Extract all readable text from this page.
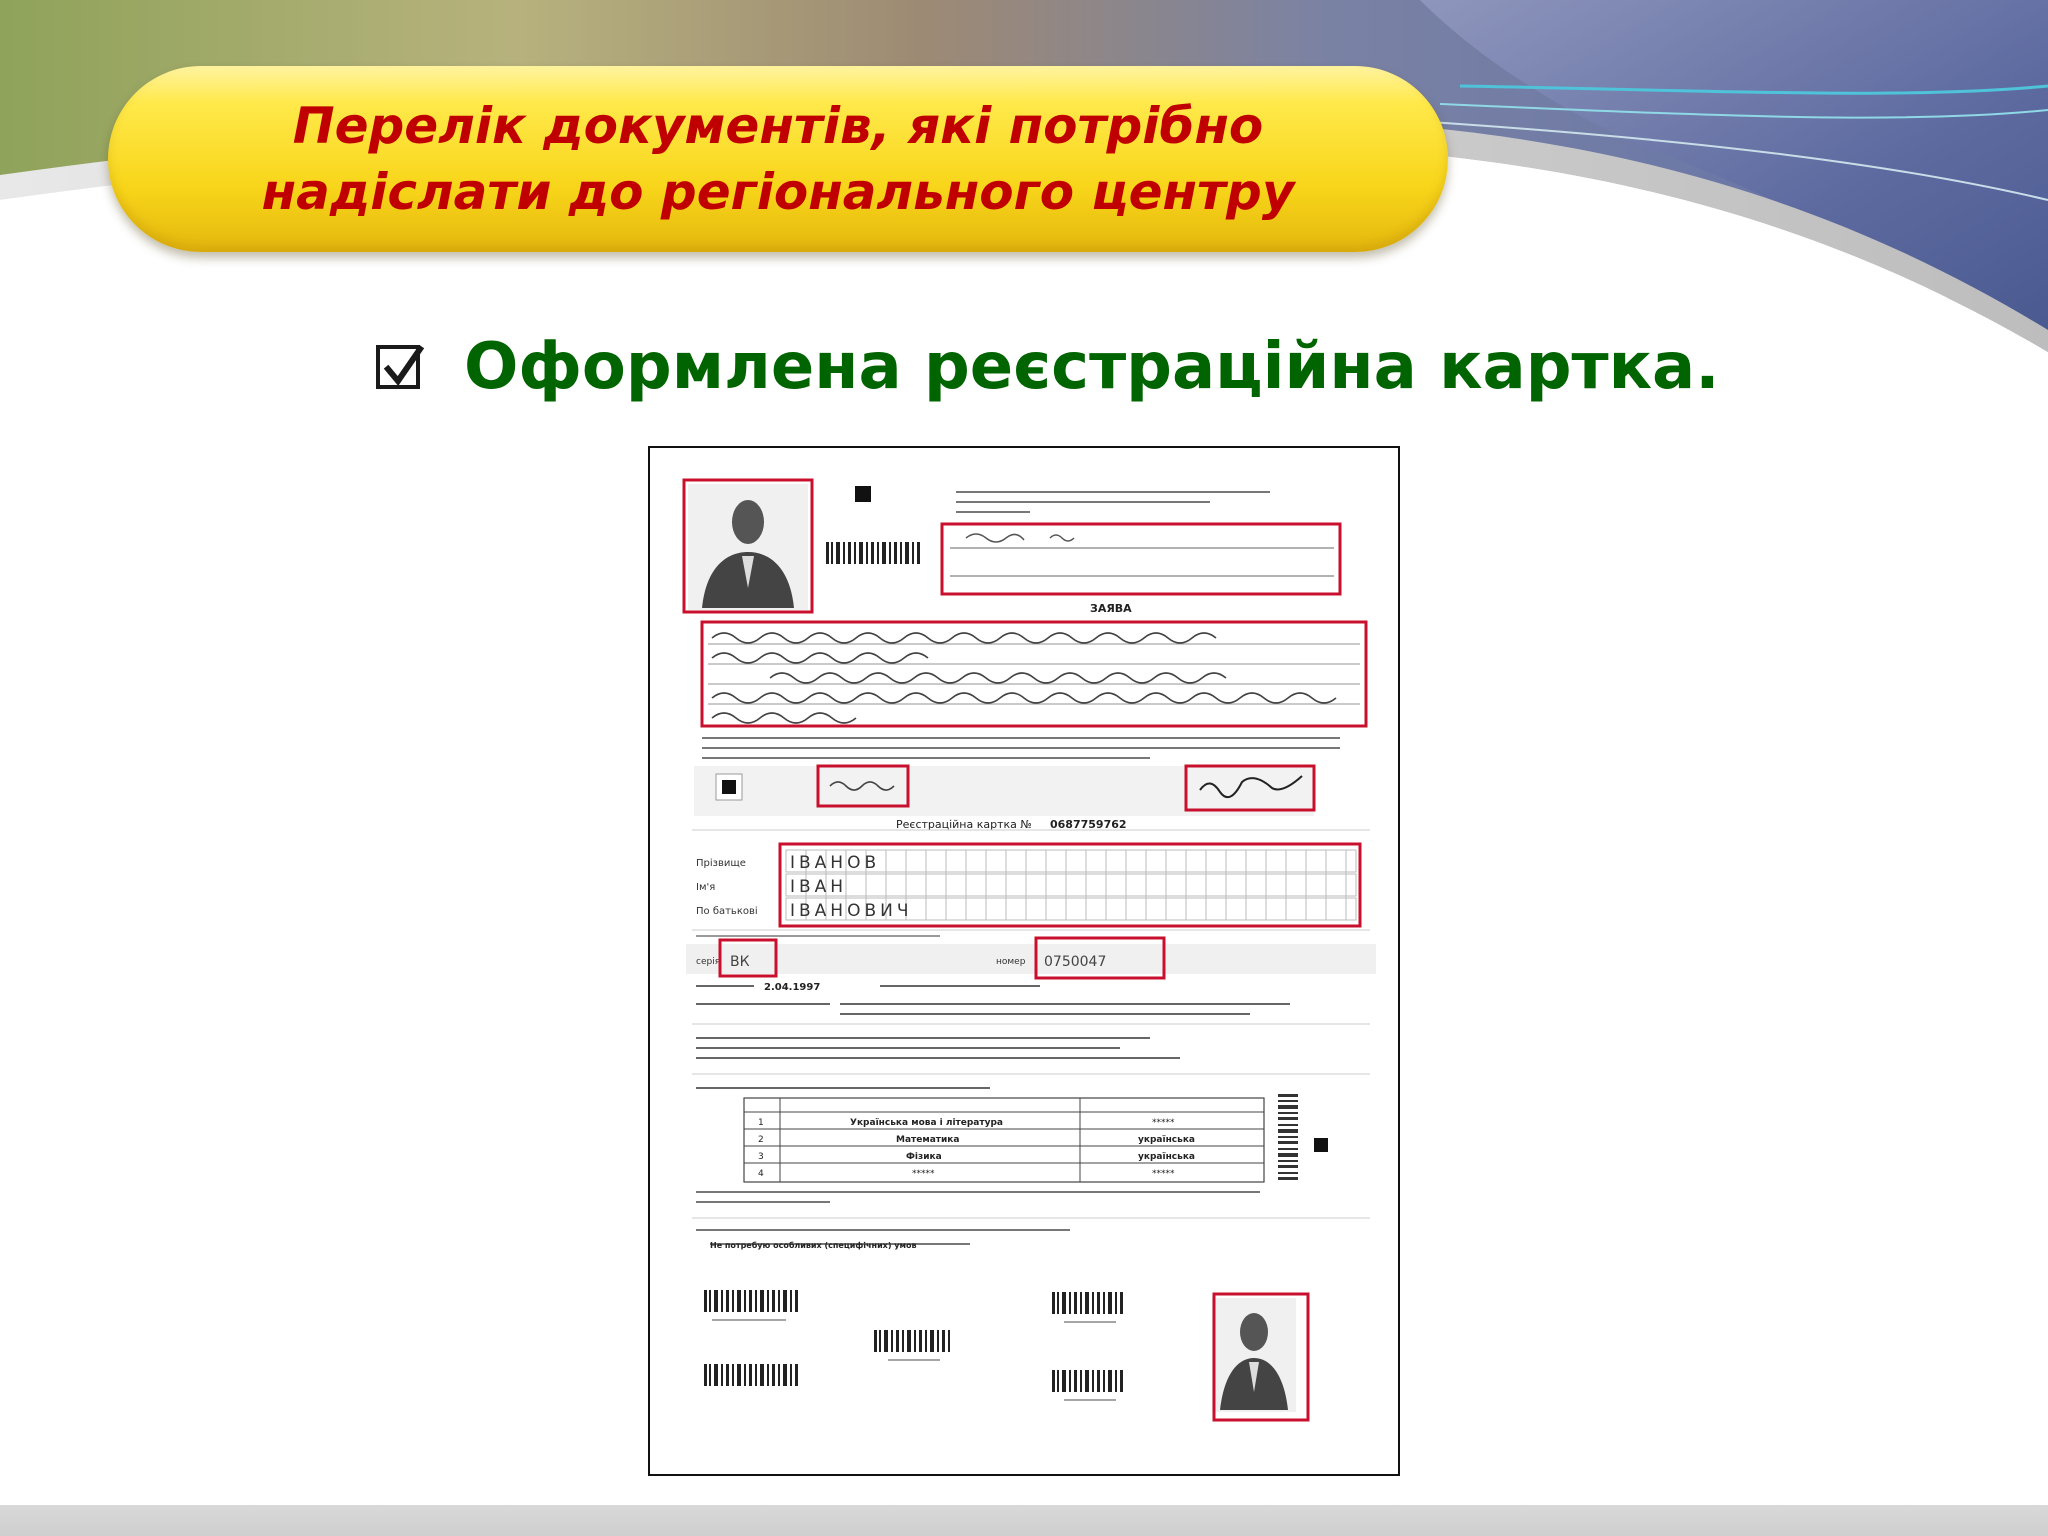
Перелік документів, які потрібно
надіслати до регіонального центру
Оформлена реєстраційна картка.
ЗАЯВА
Реєстраційна картка № 0687759762
Прізвище
Ім'я
По батькові
ІВАНОВ
ІВАН
ІВАНОВИЧ
серія ВК	номер 0750047
2.04.1997
1
2
3
4
Українська мова і література
Математика
Фізика
*****
*****
українська
українська
*****
Не потребую особливих (специфічних) умов
